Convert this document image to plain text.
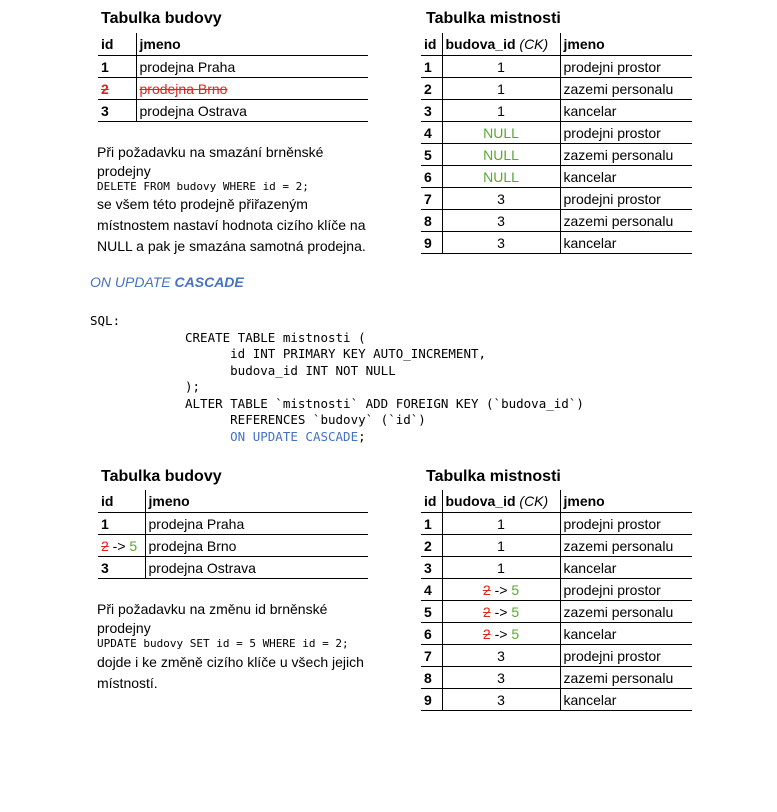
Tabulka budovy
id	jmeno
1	prodejna Praha
2	prodejna Brno
3	prodejna Ostrava
Tabulka mistnosti
id	budova_id (CK)	jmeno
1	1	prodejni prostor
2	1	zazemi personalu
3	1	kancelar
4	NULL	prodejni prostor
5	NULL	zazemi personalu
6	NULL	kancelar
7	3	prodejni prostor
8	3	zazemi personalu
9	3	kancelar
Při požadavku na smazání brněnské
prodejny
DELETE FROM budovy WHERE id = 2;
se všem této prodejně přiřazeným
místnostem nastaví hodnota cizího klíče na
NULL a pak je smazána samotná prodejna.
ON UPDATE CASCADE
SQL:

CREATE TABLE mistnosti (
id INT PRIMARY KEY AUTO_INCREMENT,
budova_id INT NOT NULL
);
ALTER TABLE `mistnosti` ADD FOREIGN KEY (`budova_id`)
REFERENCES `budovy` (`id`)
ON UPDATE CASCADE;

Tabulka budovy
id	jmeno
1	prodejna Praha
2 -> 5	prodejna Brno
3	prodejna Ostrava
Tabulka mistnosti
id	budova_id (CK)	jmeno
1	1	prodejni prostor
2	1	zazemi personalu
3	1	kancelar
4	2 -> 5	prodejni prostor
5	2 -> 5	zazemi personalu
6	2 -> 5	kancelar
7	3	prodejni prostor
8	3	zazemi personalu
9	3	kancelar
Při požadavku na změnu id brněnské
prodejny
UPDATE budovy SET id = 5 WHERE id = 2;
dojde i ke změně cizího klíče u všech jejich
místností.
